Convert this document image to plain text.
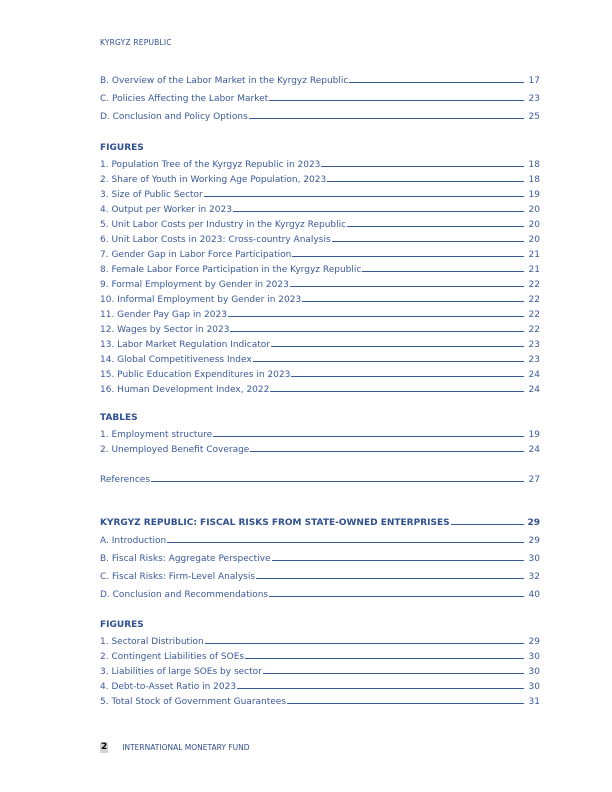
KYRGYZ REPUBLIC
B. Overview of the Labor Market in the Kyrgyz Republic	17
C. Policies Affecting the Labor Market	23
D. Conclusion and Policy Options	25
FIGURES
1. Population Tree of the Kyrgyz Republic in 2023	18
2. Share of Youth in Working Age Population, 2023	18
3. Size of Public Sector	19
4. Output per Worker in 2023	20
5. Unit Labor Costs per Industry in the Kyrgyz Republic	20
6. Unit Labor Costs in 2023: Cross-country Analysis	20
7. Gender Gap in Labor Force Participation	21
8. Female Labor Force Participation in the Kyrgyz Republic	21
9. Formal Employment by Gender in 2023	22
10. Informal Employment by Gender in 2023	22
11. Gender Pay Gap in 2023	22
12. Wages by Sector in 2023	22
13. Labor Market Regulation Indicator	23
14. Global Competitiveness Index	23
15. Public Education Expenditures in 2023	24
16. Human Development Index, 2022	24
TABLES
1. Employment structure	19
2. Unemployed Benefit Coverage	24
References	27
KYRGYZ REPUBLIC: FISCAL RISKS FROM STATE-OWNED ENTERPRISES	29
A. Introduction	29
B. Fiscal Risks: Aggregate Perspective	30
C. Fiscal Risks: Firm-Level Analysis	32
D. Conclusion and Recommendations	40
FIGURES
1. Sectoral Distribution	29
2. Contingent Liabilities of SOEs	30
3. Liabilities of large SOEs by sector	30
4. Debt-to-Asset Ratio in 2023	30
5. Total Stock of Government Guarantees	31
2 INTERNATIONAL MONETARY FUND
